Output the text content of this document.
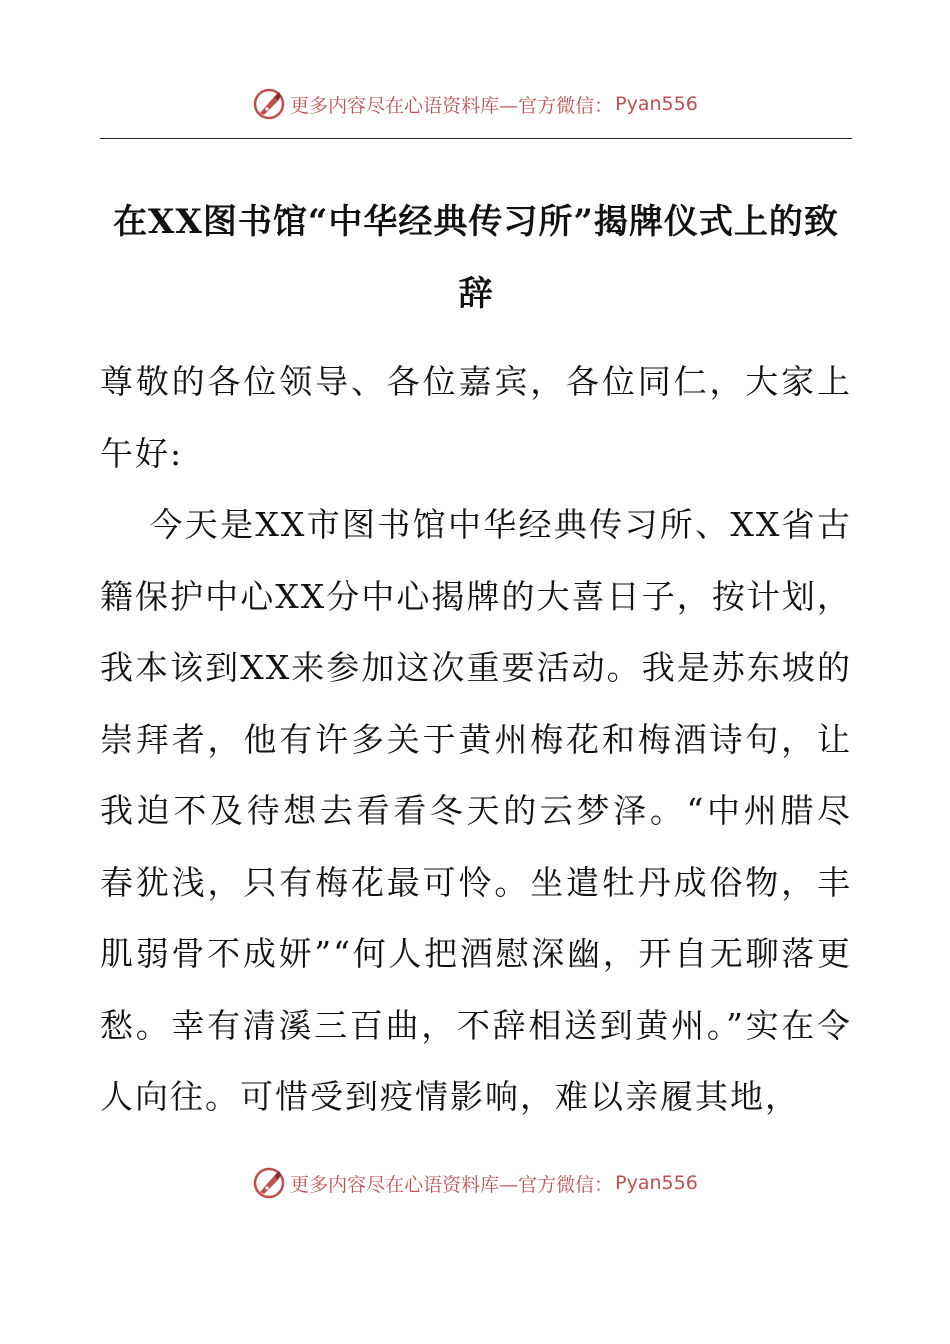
更多内容尽在心语资料库—官方微信： Pyan556
在XX图书馆“中华经典传习所”揭牌仪式上的致辞

尊敬的各位领导、各位嘉宾，各位同仁，大家上午好:

今天是XX市图书馆中华经典传习所、XX省古籍保护中心XX分中心揭牌的大喜日子，按计划，我本该到XX来参加这次重要活动。我是苏东坡的崇拜者，他有许多关于黄州梅花和梅酒诗句，让我迫不及待想去看看冬天的云梦泽。“中州腊尽春犹浅，只有梅花最可怜。坐遣牡丹成俗物，丰肌弱骨不成妍”“何人把酒慰深幽，开自无聊落更愁。幸有清溪三百曲，不辞相送到黄州。”实在令人向往。可惜受到疫情影响，难以亲履其地，

更多内容尽在心语资料库—官方微信： Pyan556
